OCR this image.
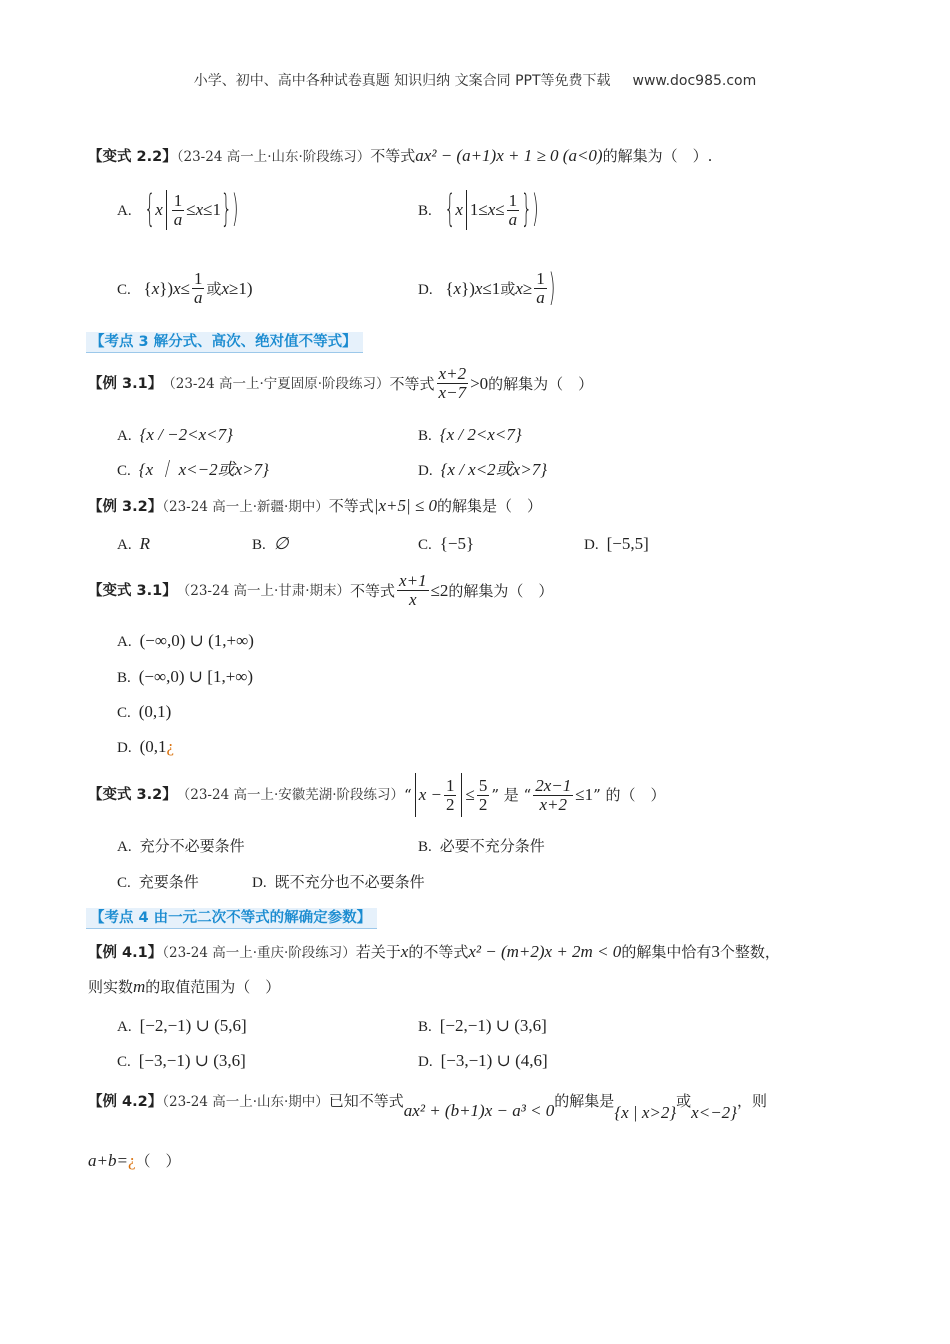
小学、初中、高中各种试卷真题 知识归纳 文案合同 PPT等免费下载 www.doc985.com
【变式 2.2】（23-24 高一上·山东·阶段练习）不等式ax² − (a+1)x + 1 ≥ 0 (a<0)的解集为（　）.
A. { x $\frac{1}{a} \le x \le 1$ } )	B. { x $1\le x \le \frac{1}{a}$ } )
C. { x }) $x \le \frac{1}{a}$ 或 x ≥1)	D. { x }) x ≤1 或 $x \ge \frac{1}{a}$ )
【考点 3 解分式、高次、绝对值不等式】
【例 3.1】 （23-24 高一上·宁夏固原·阶段练习） 不等式 $\frac{x+2}{x-7} >0$ 的解集为（　）
A. {x / −2<x<7}	B. {x / 2<x<7}
C. {x ｜ x<−2或x>7}	D. {x / x<2或x>7}
【例 3.2】（23-24 高一上·新疆·期中）不等式|x+5| ≤ 0的解集是（　）
A. R	B. ∅	C. {−5}	D. [−5,5]
【变式 3.1】 （23-24 高一上·甘肃·期末） 不等式 $\frac{x+1}{x} \le 2$ 的解集为（　）
A. (−∞,0) ∪ (1,+∞)
B. (−∞,0) ∪ [1,+∞)
C. (0,1)
D. (0,1¿
【变式 3.2】 （23-24 高一上·安徽芜湖·阶段练习） “ $x - \frac{1}{2} \le \frac{5}{2}$ ” 是 “ $\frac{2x-1}{x+2} \le 1$ ” 的（　）
A. 充分不必要条件	B. 必要不充分条件
C. 充要条件	D. 既不充分也不必要条件
【考点 4 由一元二次不等式的解确定参数】
【例 4.1】（23-24 高一上·重庆·阶段练习）若关于x的不等式x² − (m+2)x + 2m < 0的解集中恰有3个整数，
则实数m的取值范围为（　）
A. [−2,−1) ∪ (5,6]	B. [−2,−1) ∪ (3,6]
C. [−3,−1) ∪ (3,6]	D. [−3,−1) ∪ (4,6]
【例 4.2】（23-24 高一上·山东·期中）已知不等式ax² + (b+1)x − a³ < 0的解集是{x | x>2}或x<−2}，则
a+b=¿（　）
